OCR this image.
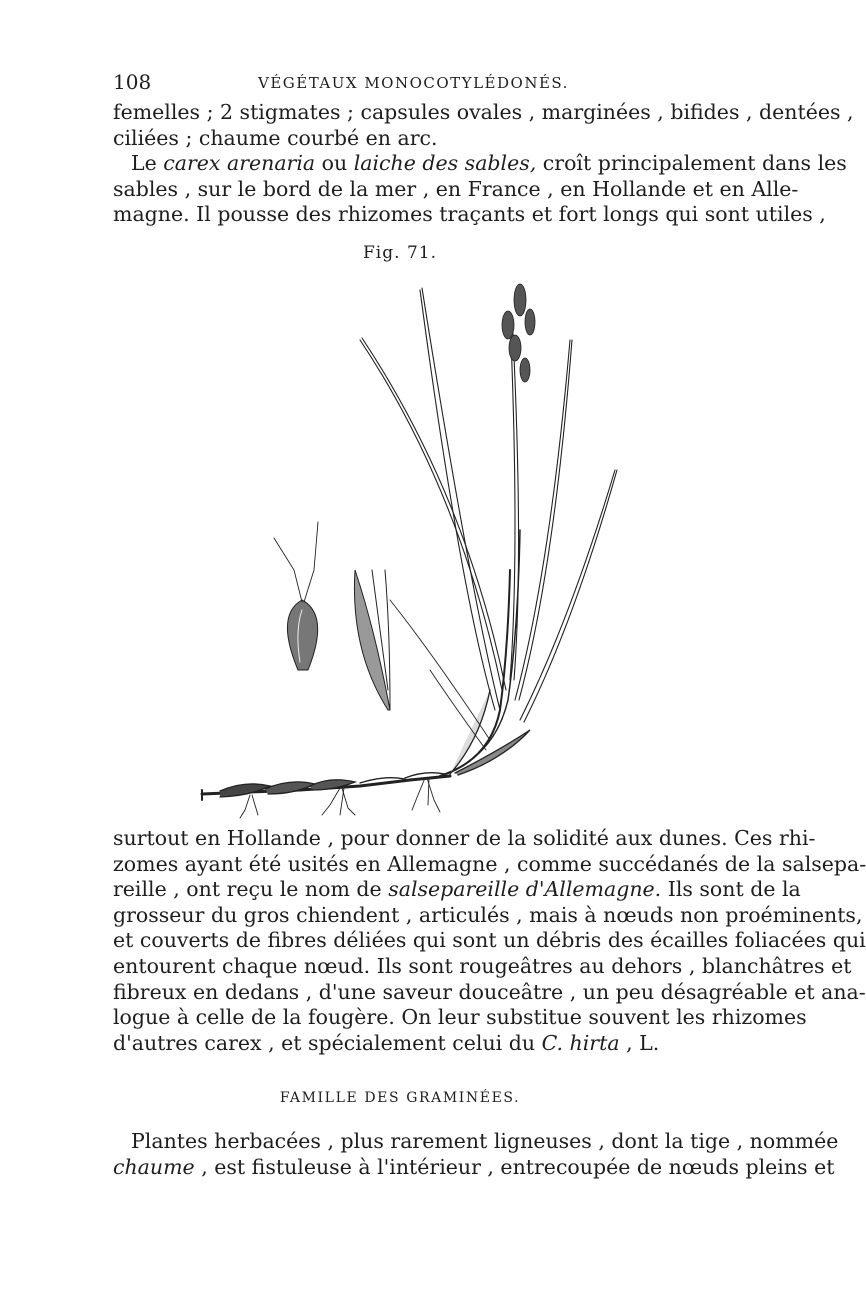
108	VÉGÉTAUX MONOCOTYLÉDONÉS.
femelles ; 2 stigmates ; capsules ovales , marginées , bifides , dentées ,
ciliées ; chaume courbé en arc.
Le carex arenaria ou laiche des sables, croît principalement dans les
sables , sur le bord de la mer , en France , en Hollande et en Alle-
magne. Il pousse des rhizomes traçants et fort longs qui sont utiles ,
Fig. 71.
surtout en Hollande , pour donner de la solidité aux dunes. Ces rhi-
zomes ayant été usités en Allemagne , comme succédanés de la salsepa-
reille , ont reçu le nom de salsepareille d'Allemagne. Ils sont de la
grosseur du gros chiendent , articulés , mais à nœuds non proéminents,
et couverts de fibres déliées qui sont un débris des écailles foliacées qui
entourent chaque nœud. Ils sont rougeâtres au dehors , blanchâtres et
fibreux en dedans , d'une saveur douceâtre , un peu désagréable et ana-
logue à celle de la fougère. On leur substitue souvent les rhizomes
d'autres carex , et spécialement celui du C. hirta , L.
FAMILLE DES GRAMINÉES.
Plantes herbacées , plus rarement ligneuses , dont la tige , nommée
chaume , est fistuleuse à l'intérieur , entrecoupée de nœuds pleins et
